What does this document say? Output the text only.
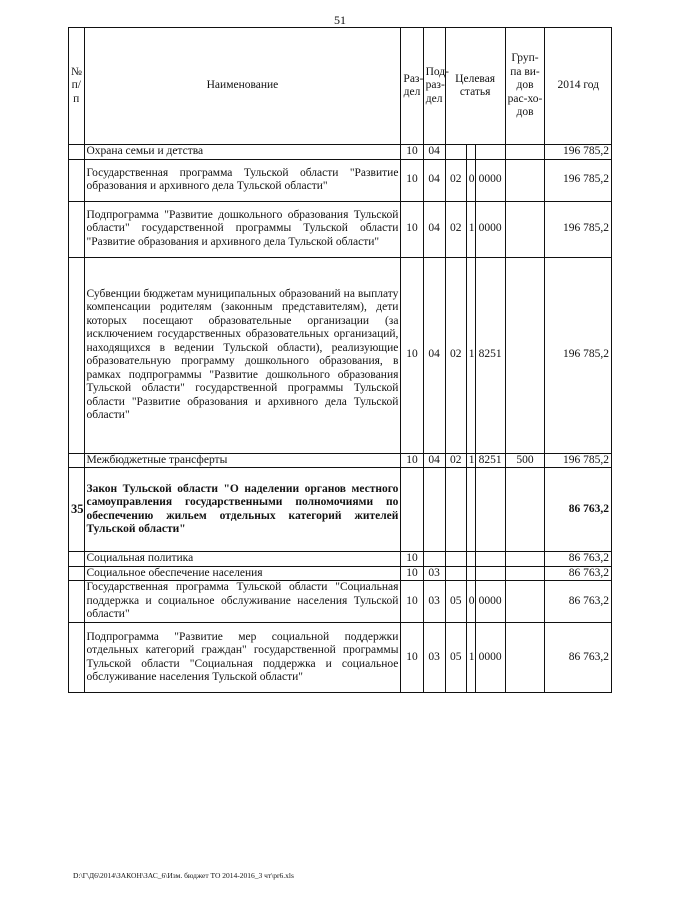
51
№ п/ п	Наименование	Раз-дел	Под-раз-дел	Целевая статья			Груп-па ви-дов рас-хо-дов	2014 год
	Охрана семьи и детства	10	04					196 785,2
	Государственная программа Тульской области "Развитие образования и архивного дела Тульской области"	10	04	02	0	0000		196 785,2
	Подпрограмма "Развитие дошкольного образования Тульской области" государственной программы Тульской области "Развитие образования и архивного дела Тульской области"	10	04	02	1	0000		196 785,2
	Субвенции бюджетам муниципальных образований на выплату компенсации родителям (законным представителям), дети которых посещают образовательные организации (за исключением государственных образовательных организаций, находящихся в ведении Тульской области), реализующие образовательную программу дошкольного образования, в рамках подпрограммы "Развитие дошкольного образования Тульской области" государственной программы Тульской области "Развитие образования и архивного дела Тульской области"	10	04	02	1	8251		196 785,2
	Межбюджетные трансферты	10	04	02	1	8251	500	196 785,2
35	Закон Тульской области "О наделении органов местного самоуправления государственными полномочиями по обеспечению жильем отдельных категорий жителей Тульской области"							86 763,2
	Социальная политика	10						86 763,2
	Социальное обеспечение населения	10	03					86 763,2
	Государственная программа Тульской области "Социальная поддержка и социальное обслуживание населения Тульской области"	10	03	05	0	0000		86 763,2
	Подпрограмма "Развитие мер социальной поддержки отдельных категорий граждан" государственной программы Тульской области "Социальная поддержка и социальное обслуживание населения Тульской области"	10	03	05	1	0000		86 763,2
D:\Г\Д6\2014\ЗАКОН\ЗАС_6\Изм. бюджет ТО 2014-2016_3 чт\pr6.xls
